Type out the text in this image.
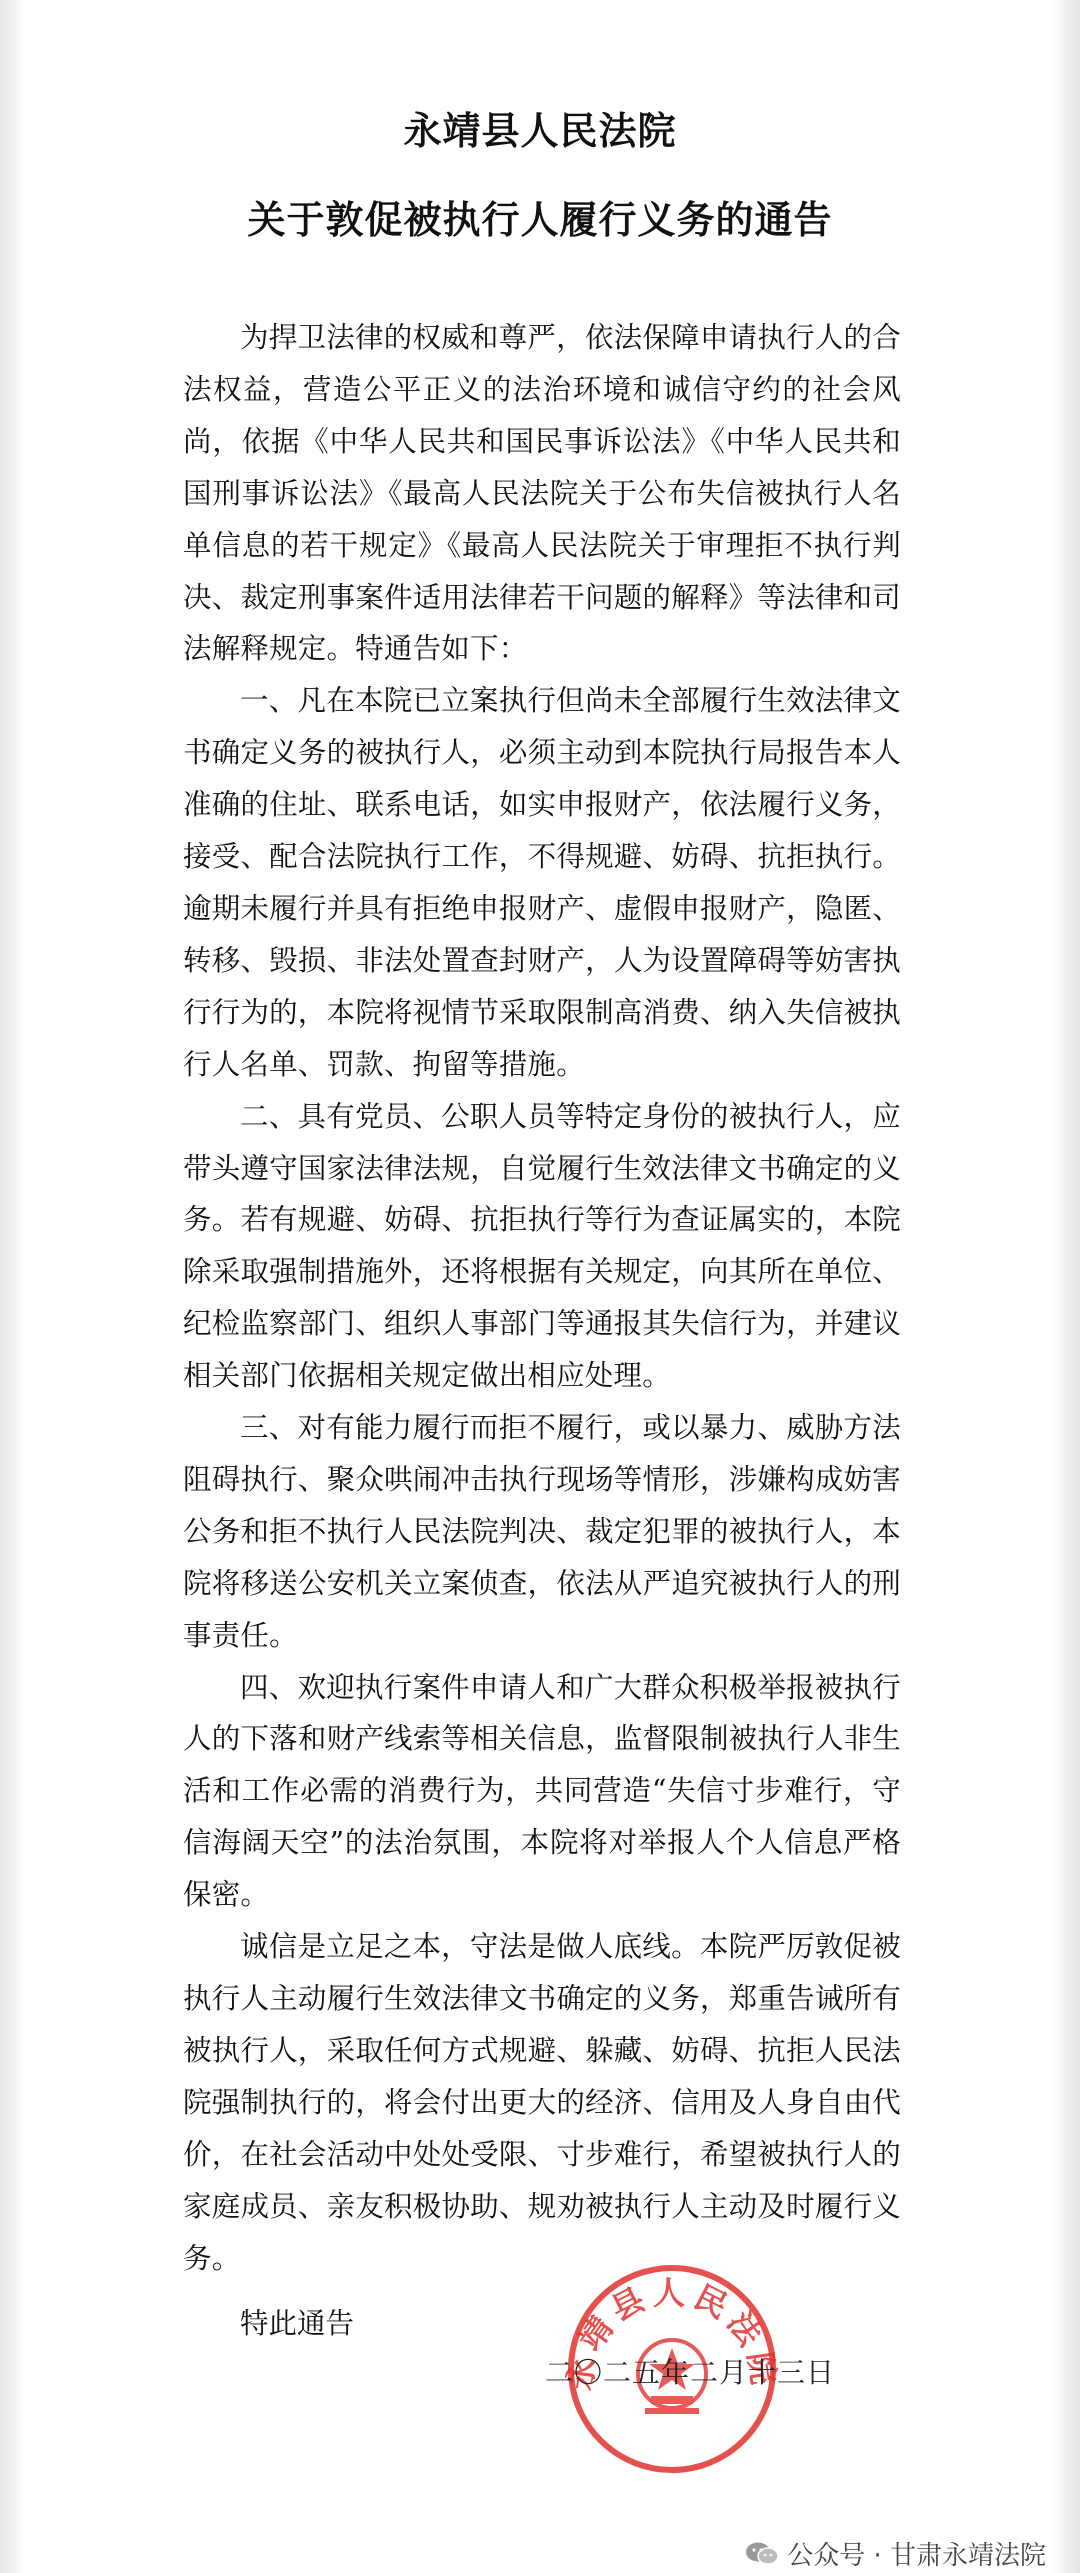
永靖县人民法院
关于敦促被执行人履行义务的通告

为捍卫法律的权威和尊严，依法保障申请执行人的合法权益，营造公平正义的法治环境和诚信守约的社会风尚，依据《中华人民共和国民事诉讼法》《中华人民共和国刑事诉讼法》《最高人民法院关于公布失信被执行人名单信息的若干规定》《最高人民法院关于审理拒不执行判决、裁定刑事案件适用法律若干问题的解释》等法律和司法解释规定。特通告如下：

一、凡在本院已立案执行但尚未全部履行生效法律文书确定义务的被执行人，必须主动到本院执行局报告本人准确的住址、联系电话，如实申报财产，依法履行义务，接受、配合法院执行工作，不得规避、妨碍、抗拒执行。逾期未履行并具有拒绝申报财产、虚假申报财产，隐匿、转移、毁损、非法处置查封财产，人为设置障碍等妨害执行行为的，本院将视情节采取限制高消费、纳入失信被执行人名单、罚款、拘留等措施。

二、具有党员、公职人员等特定身份的被执行人，应带头遵守国家法律法规，自觉履行生效法律文书确定的义务。若有规避、妨碍、抗拒执行等行为查证属实的，本院除采取强制措施外，还将根据有关规定，向其所在单位、纪检监察部门、组织人事部门等通报其失信行为，并建议相关部门依据相关规定做出相应处理。

三、对有能力履行而拒不履行，或以暴力、威胁方法阻碍执行、聚众哄闹冲击执行现场等情形，涉嫌构成妨害公务和拒不执行人民法院判决、裁定犯罪的被执行人，本院将移送公安机关立案侦查，依法从严追究被执行人的刑事责任。

四、欢迎执行案件申请人和广大群众积极举报被执行人的下落和财产线索等相关信息，监督限制被执行人非生活和工作必需的消费行为，共同营造“失信寸步难行，守信海阔天空”的法治氛围，本院将对举报人个人信息严格保密。

诚信是立足之本，守法是做人底线。本院严厉敦促被执行人主动履行生效法律文书确定的义务，郑重告诫所有被执行人，采取任何方式规避、躲藏、妨碍、抗拒人民法院强制执行的，将会付出更大的经济、信用及人身自由代价，在社会活动中处处受限、寸步难行，希望被执行人的家庭成员、亲友积极协助、规劝被执行人主动及时履行义务。

特此通告	靖县人民法
二〇二五年二月十三日
公众号 · 甘肃永靖法院
